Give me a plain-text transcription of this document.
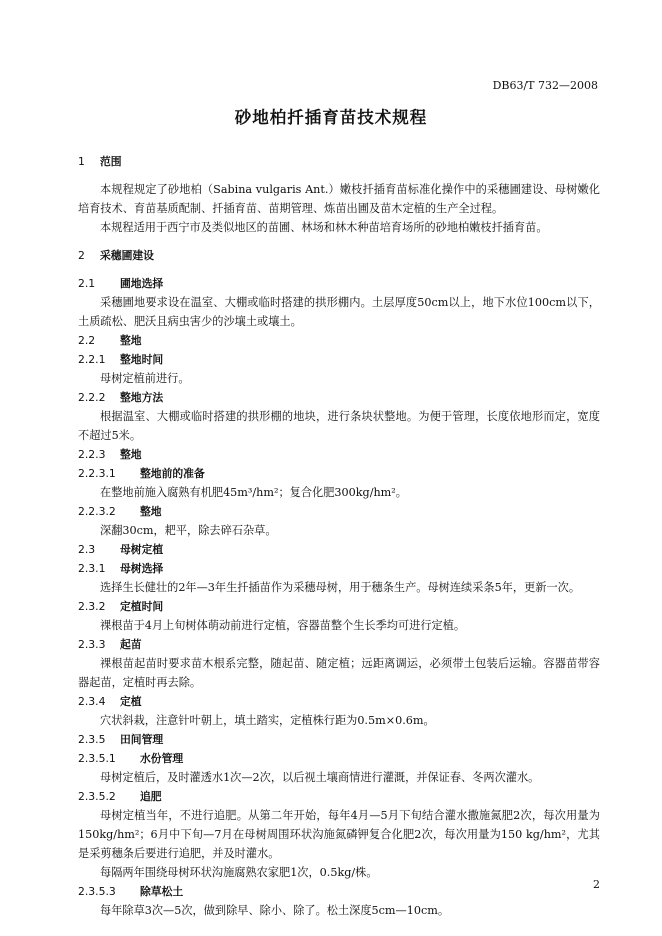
DB63/T 732—2008
砂地柏扦插育苗技术规程
1 范围
本规程规定了砂地柏（Sabina vulgaris Ant.）嫩枝扦插育苗标准化操作中的采穗圃建设、母树嫩化培育技术、育苗基质配制、扦插育苗、苗期管理、炼苗出圃及苗木定植的生产全过程。
本规程适用于西宁市及类似地区的苗圃、林场和林木种苗培育场所的砂地柏嫩枝扦插育苗。
2 采穗圃建设
2.1 圃地选择
采穗圃地要求设在温室、大棚或临时搭建的拱形棚内。土层厚度50cm以上，地下水位100cm以下，土质疏松、肥沃且病虫害少的沙壤土或壤土。
2.2 整地
2.2.1 整地时间
母树定植前进行。
2.2.2 整地方法
根据温室、大棚或临时搭建的拱形棚的地块，进行条块状整地。为便于管理，长度依地形而定，宽度不超过5米。
2.2.3 整地
2.2.3.1 整地前的准备
在整地前施入腐熟有机肥45m³/hm²；复合化肥300kg/hm²。
2.2.3.2 整地
深翻30cm，耙平，除去碎石杂草。
2.3 母树定植
2.3.1 母树选择
选择生长健壮的2年—3年生扦插苗作为采穗母树，用于穗条生产。母树连续采条5年，更新一次。
2.3.2 定植时间
裸根苗于4月上旬树体萌动前进行定植，容器苗整个生长季均可进行定植。
2.3.3 起苗
裸根苗起苗时要求苗木根系完整，随起苗、随定植；远距离调运，必须带土包装后运输。容器苗带容器起苗，定植时再去除。
2.3.4 定植
穴状斜栽，注意针叶朝上，填土踏实，定植株行距为0.5m×0.6m。
2.3.5 田间管理
2.3.5.1 水份管理
母树定植后，及时灌透水1次—2次，以后视土壤商情进行灌溉，并保证春、冬两次灌水。
2.3.5.2 追肥
母树定植当年，不进行追肥。从第二年开始，每年4月—5月下旬结合灌水撒施氮肥2次，每次用量为150kg/hm²；6月中下旬—7月在母树周围环状沟施氮磷钾复合化肥2次，每次用量为150 kg/hm²，尤其是采剪穗条后要进行追肥，并及时灌水。
每隔两年围绕母树环状沟施腐熟农家肥1次，0.5kg/株。
2.3.5.3 除草松土
每年除草3次—5次，做到除早、除小、除了。松土深度5cm—10cm。
2
